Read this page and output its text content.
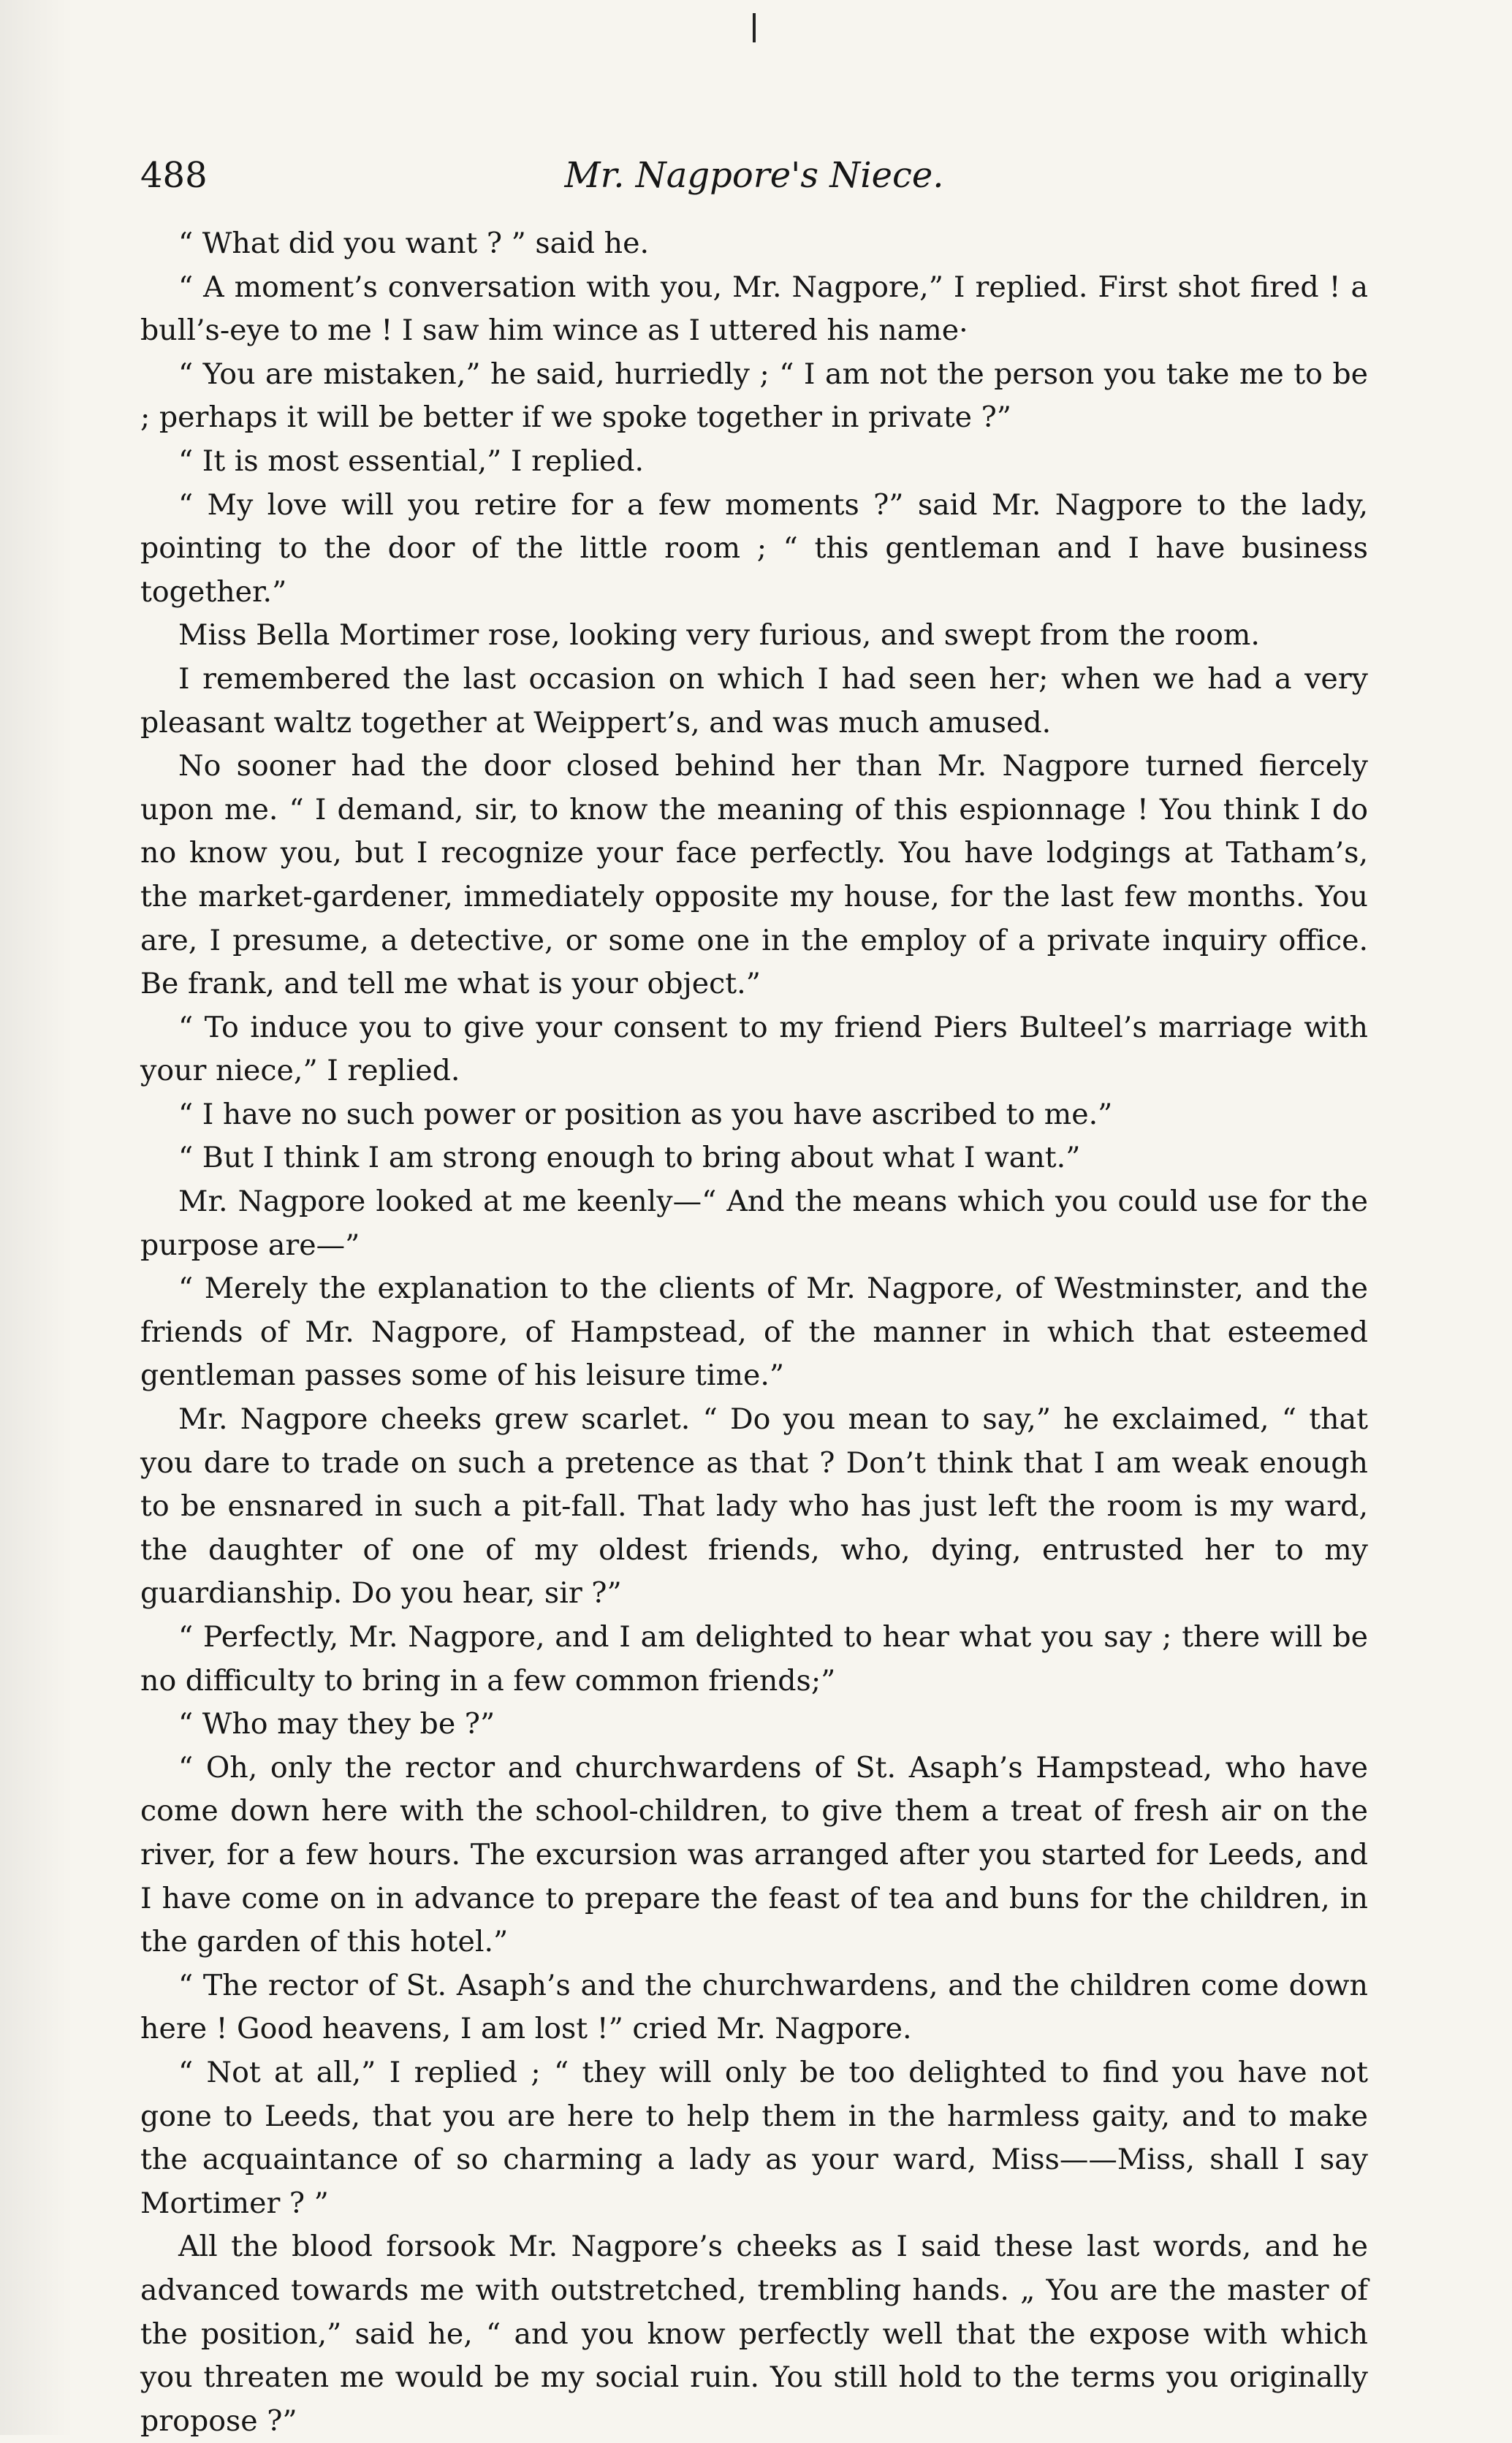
488	Mr. Nagpore's Niece.

“ What did you want ? ” said he.

“ A moment’s conversation with you, Mr. Nagpore,” I replied. First shot fired ! a bull’s-eye to me ! I saw him wince as I uttered his name·

“ You are mistaken,” he said, hurriedly ; “ I am not the person you take me to be ; perhaps it will be better if we spoke together in private ?”

“ It is most essential,” I replied.

“ My love will you retire for a few moments ?” said Mr. Nagpore to the lady, pointing to the door of the little room ; “ this gentleman and I have business together.”

Miss Bella Mortimer rose, looking very furious, and swept from the room.

I remembered the last occasion on which I had seen her; when we had a very pleasant waltz together at Weippert’s, and was much amused.

No sooner had the door closed behind her than Mr. Nagpore turned fiercely upon me. “ I demand, sir, to know the meaning of this espionnage ! You think I do no know you, but I recognize your face perfectly. You have lodgings at Tatham’s, the market-gardener, immediately opposite my house, for the last few months. You are, I presume, a detective, or some one in the employ of a private inquiry office. Be frank, and tell me what is your object.”

“ To induce you to give your consent to my friend Piers Bulteel’s marriage with your niece,” I replied.

“ I have no such power or position as you have ascribed to me.”

“ But I think I am strong enough to bring about what I want.”

Mr. Nagpore looked at me keenly—“ And the means which you could use for the purpose are—”

“ Merely the explanation to the clients of Mr. Nagpore, of Westminster, and the friends of Mr. Nagpore, of Hampstead, of the manner in which that esteemed gentleman passes some of his leisure time.”

Mr. Nagpore cheeks grew scarlet. “ Do you mean to say,” he exclaimed, “ that you dare to trade on such a pretence as that ? Don’t think that I am weak enough to be ensnared in such a pit-fall. That lady who has just left the room is my ward, the daughter of one of my oldest friends, who, dying, entrusted her to my guardianship. Do you hear, sir ?”

“ Perfectly, Mr. Nagpore, and I am delighted to hear what you say ; there will be no difficulty to bring in a few common friends;”

“ Who may they be ?”

“ Oh, only the rector and churchwardens of St. Asaph’s Hampstead, who have come down here with the school-children, to give them a treat of fresh air on the river, for a few hours. The excursion was arranged after you started for Leeds, and I have come on in advance to prepare the feast of tea and buns for the children, in the garden of this hotel.”

“ The rector of St. Asaph’s and the churchwardens, and the children come down here ! Good heavens, I am lost !” cried Mr. Nagpore.

“ Not at all,” I replied ; “ they will only be too delighted to find you have not gone to Leeds, that you are here to help them in the harmless gaity, and to make the acquaintance of so charming a lady as your ward, Miss——Miss, shall I say Mortimer ? ”

All the blood forsook Mr. Nagpore’s cheeks as I said these last words, and he advanced towards me with outstretched, trembling hands. „ You are the master of the position,” said he, “ and you know perfectly well that the expose with which you threaten me would be my social ruin. You still hold to the terms you originally propose ?”
